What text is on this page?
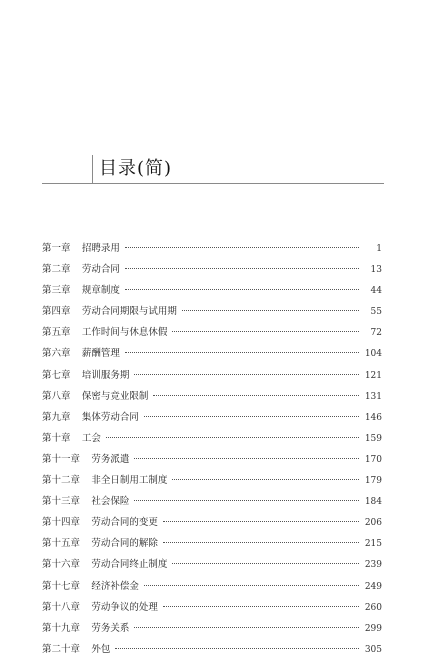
目录(简)
第一章 招聘录用	1
第二章 劳动合同	13
第三章 规章制度	44
第四章 劳动合同期限与试用期	55
第五章 工作时间与休息休假	72
第六章 薪酬管理	104
第七章 培训服务期	121
第八章 保密与竞业限制	131
第九章 集体劳动合同	146
第十章 工会	159
第十一章 劳务派遣	170
第十二章 非全日制用工制度	179
第十三章 社会保险	184
第十四章 劳动合同的变更	206
第十五章 劳动合同的解除	215
第十六章 劳动合同终止制度	239
第十七章 经济补偿金	249
第十八章 劳动争议的处理	260
第十九章 劳务关系	299
第二十章 外包	305
